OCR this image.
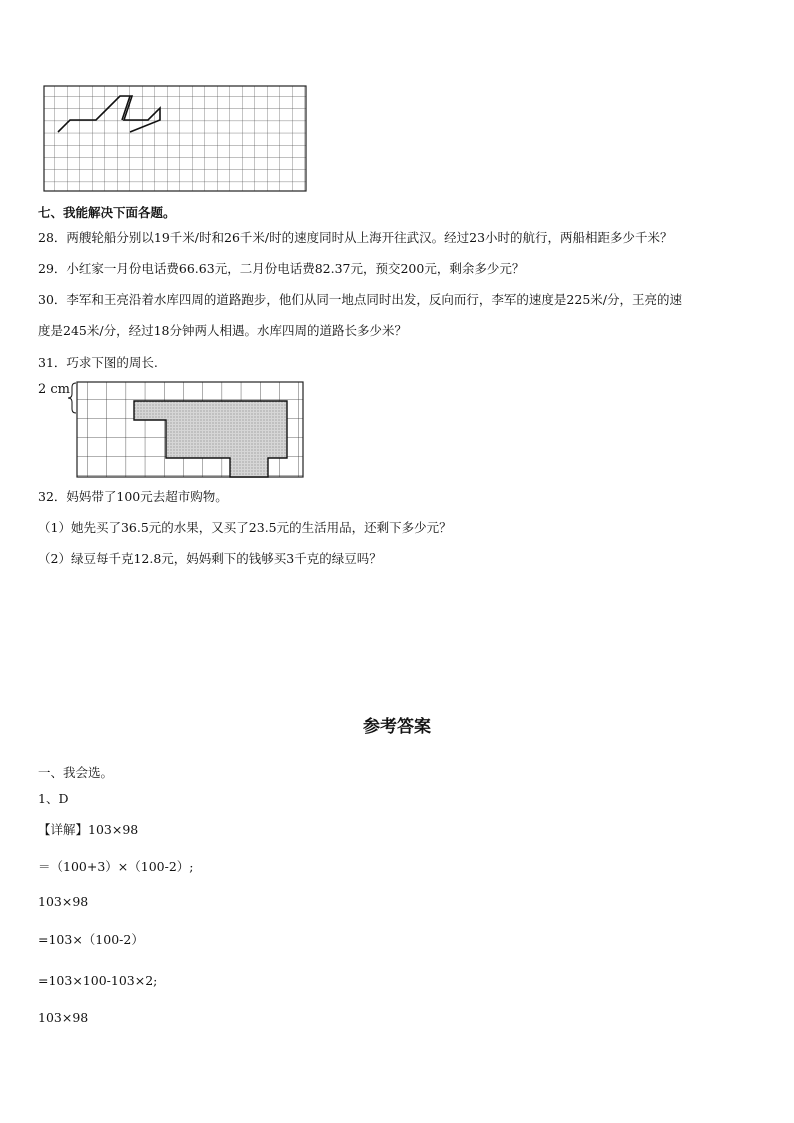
七、我能解决下面各题。
28．两艘轮船分别以19千米/时和26千米/时的速度同时从上海开往武汉。经过23小时的航行，两船相距多少千米？
29．小红家一月份电话费66.63元，二月份电话费82.37元，预交200元，剩余多少元？
30．李军和王亮沿着水库四周的道路跑步，他们从同一地点同时出发，反向而行，李军的速度是225米/分，王亮的速
度是245米/分，经过18分钟两人相遇。水库四周的道路长多少米？
31．巧求下图的周长.
2 cm
32．妈妈带了100元去超市购物。
（1）她先买了36.5元的水果，又买了23.5元的生活用品，还剩下多少元？
（2）绿豆每千克12.8元，妈妈剩下的钱够买3千克的绿豆吗？
参考答案
一、我会选。
1、D
【详解】103×98
＝（100+3）×（100-2）;
103×98
=103×（100-2）
=103×100-103×2;
103×98
